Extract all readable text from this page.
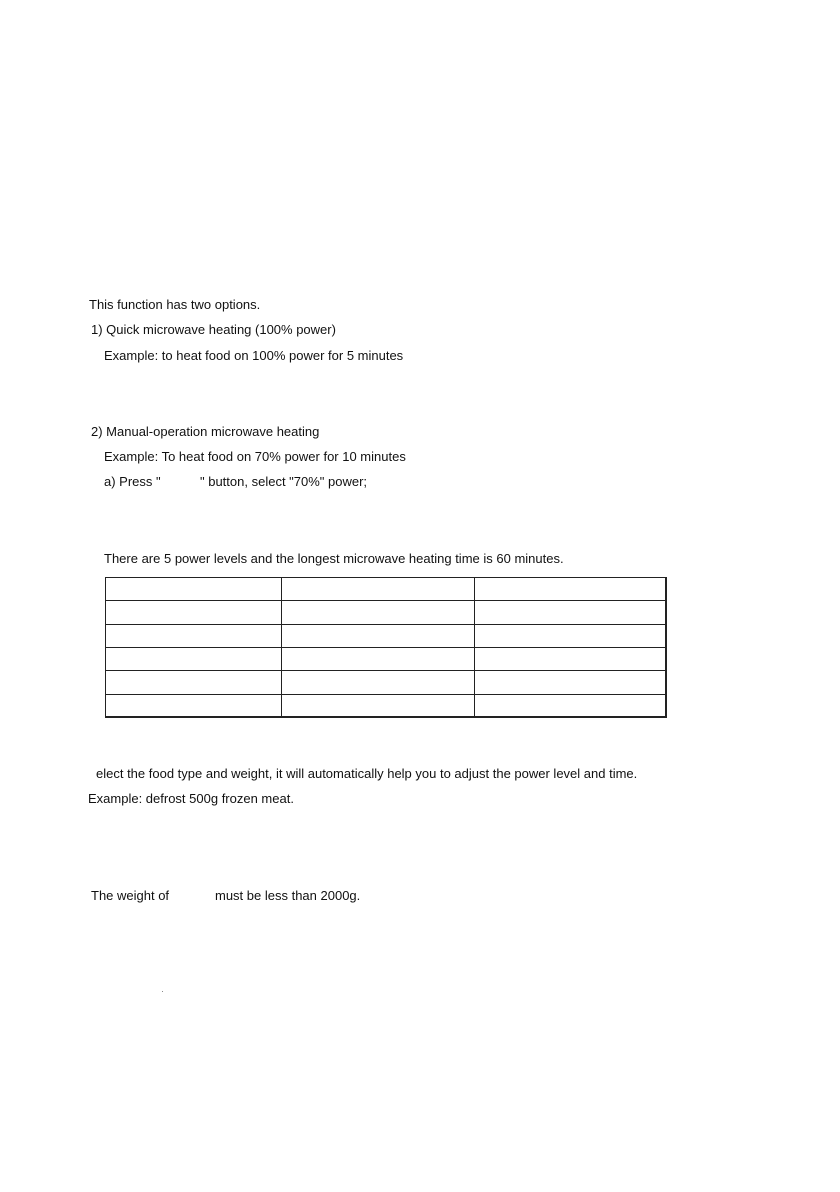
This function has two options.
1) Quick microwave heating (100% power)
Example: to heat food on 100% power for 5 minutes
2) Manual-operation microwave heating
Example: To heat food on 70% power for 10 minutes
a) Press "	" button, select "70%" power;
There are 5 power levels and the longest microwave heating time is 60 minutes.

elect the food type and weight, it will automatically help you to adjust the power level and time.
Example: defrost 500g frozen meat.
The weight of	must be less than 2000g.
